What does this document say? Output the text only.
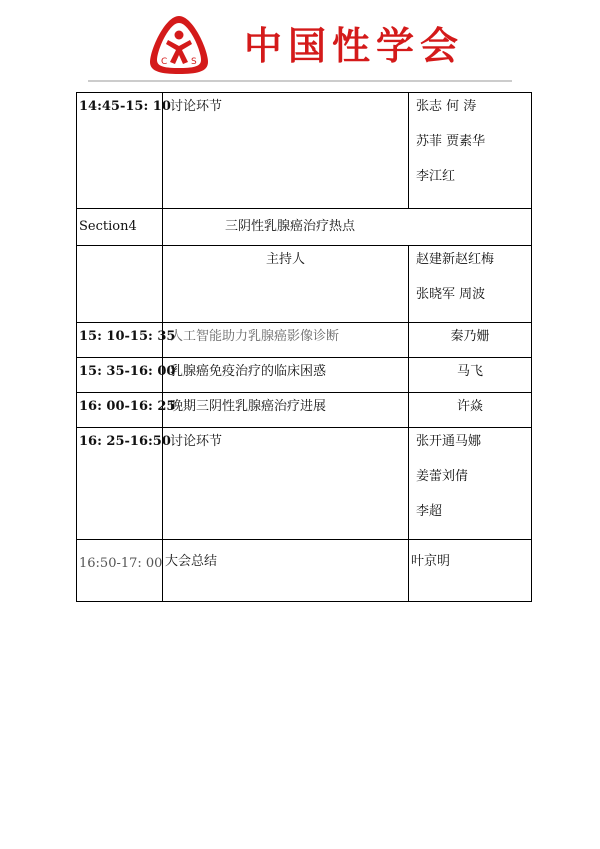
C	S 中国性学会
14:45-15: 10	讨论环节	张志 何 涛
苏菲 贾素华
李江红

Section4	三阴性乳腺癌治疗热点	
	主持人	赵建新赵红梅
张晓军 周波

15: 10-15: 35	人工智能助力乳腺癌影像诊断	秦乃姗
15: 35-16: 00	乳腺癌免疫治疗的临床困惑	马飞
16: 00-16: 25	晚期三阴性乳腺癌治疗进展	许焱
16: 25-16:50	讨论环节	张开通马娜
姜蕾刘倩
李超

16:50-17: 00	大会总结	叶京明
